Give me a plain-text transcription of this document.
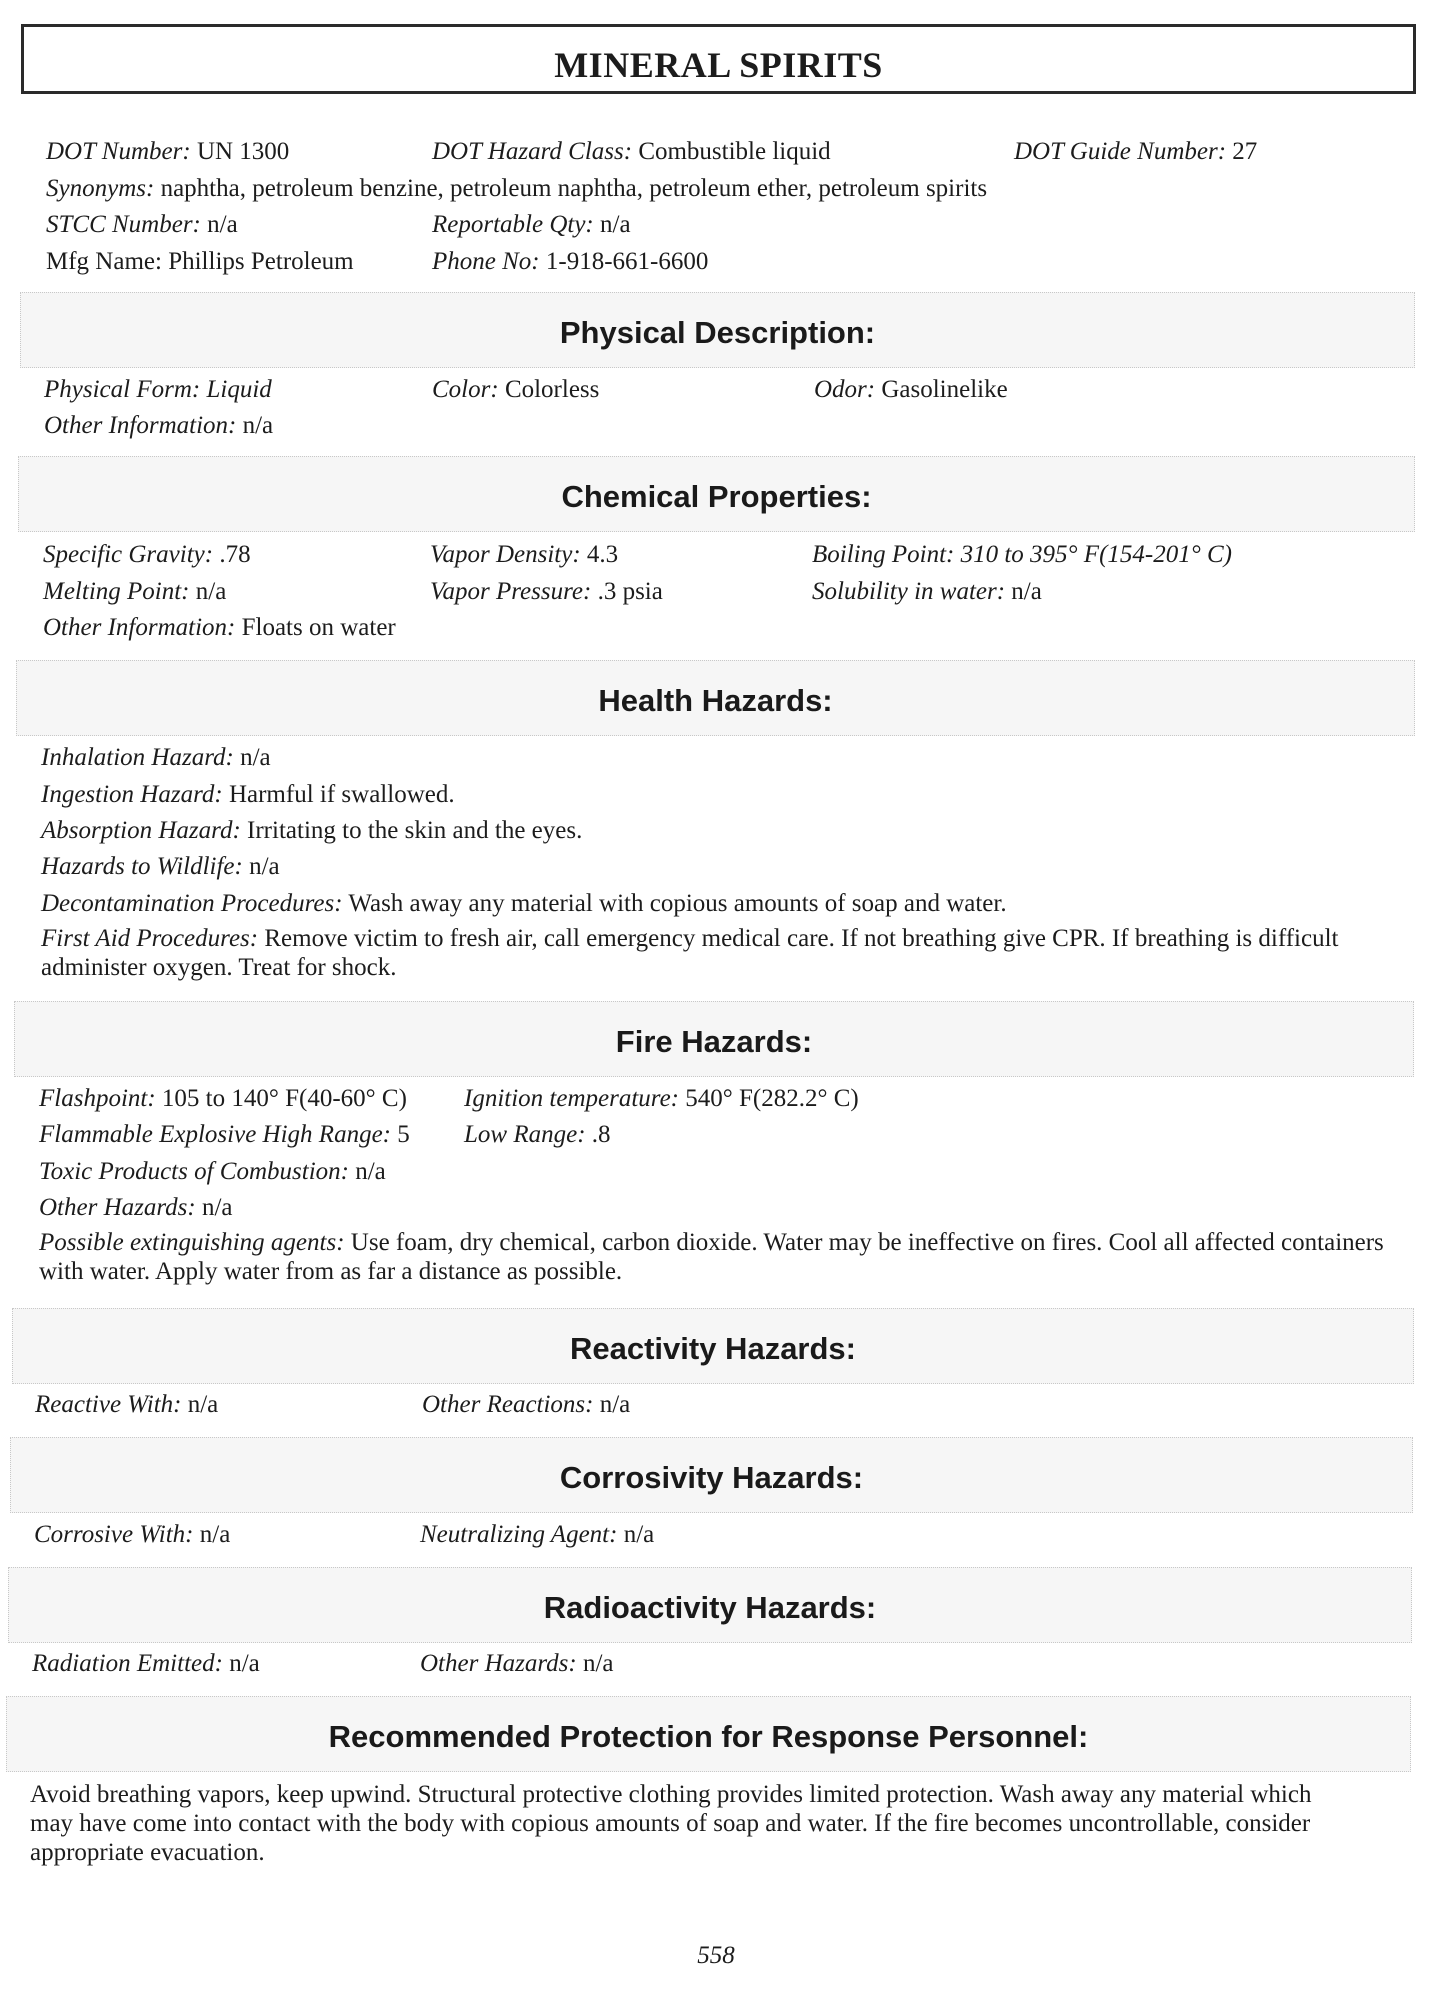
MINERAL SPIRITS
DOT Number: UN 1300	DOT Hazard Class: Combustible liquid	DOT Guide Number: 27
Synonyms: naphtha, petroleum benzine, petroleum naphtha, petroleum ether, petroleum spirits
STCC Number: n/a	Reportable Qty: n/a
Mfg Name: Phillips Petroleum	Phone No: 1-918-661-6600
Physical Description:
Physical Form: Liquid	Color: Colorless	Odor: Gasolinelike
Other Information: n/a
Chemical Properties:
Specific Gravity: .78	Vapor Density: 4.3	Boiling Point: 310 to 395° F(154-201° C)
Melting Point: n/a	Vapor Pressure: .3 psia	Solubility in water: n/a
Other Information: Floats on water
Health Hazards:
Inhalation Hazard: n/a
Ingestion Hazard: Harmful if swallowed.
Absorption Hazard: Irritating to the skin and the eyes.
Hazards to Wildlife: n/a
Decontamination Procedures: Wash away any material with copious amounts of soap and water.
First Aid Procedures: Remove victim to fresh air, call emergency medical care. If not breathing give CPR. If breathing is difficult administer oxygen. Treat for shock.
Fire Hazards:
Flashpoint: 105 to 140° F(40-60° C) Ignition temperature: 540° F(282.2° C)
Flammable Explosive High Range: 5 Low Range: .8
Toxic Products of Combustion: n/a
Other Hazards: n/a
Possible extinguishing agents: Use foam, dry chemical, carbon dioxide. Water may be ineffective on fires. Cool all affected containers with water. Apply water from as far a distance as possible.
Reactivity Hazards:
Reactive With: n/a	Other Reactions: n/a
Corrosivity Hazards:
Corrosive With: n/a	Neutralizing Agent: n/a
Radioactivity Hazards:
Radiation Emitted: n/a	Other Hazards: n/a
Recommended Protection for Response Personnel:
Avoid breathing vapors, keep upwind. Structural protective clothing provides limited protection. Wash away any material which may have come into contact with the body with copious amounts of soap and water. If the fire becomes uncontrollable, consider appropriate evacuation.
558
